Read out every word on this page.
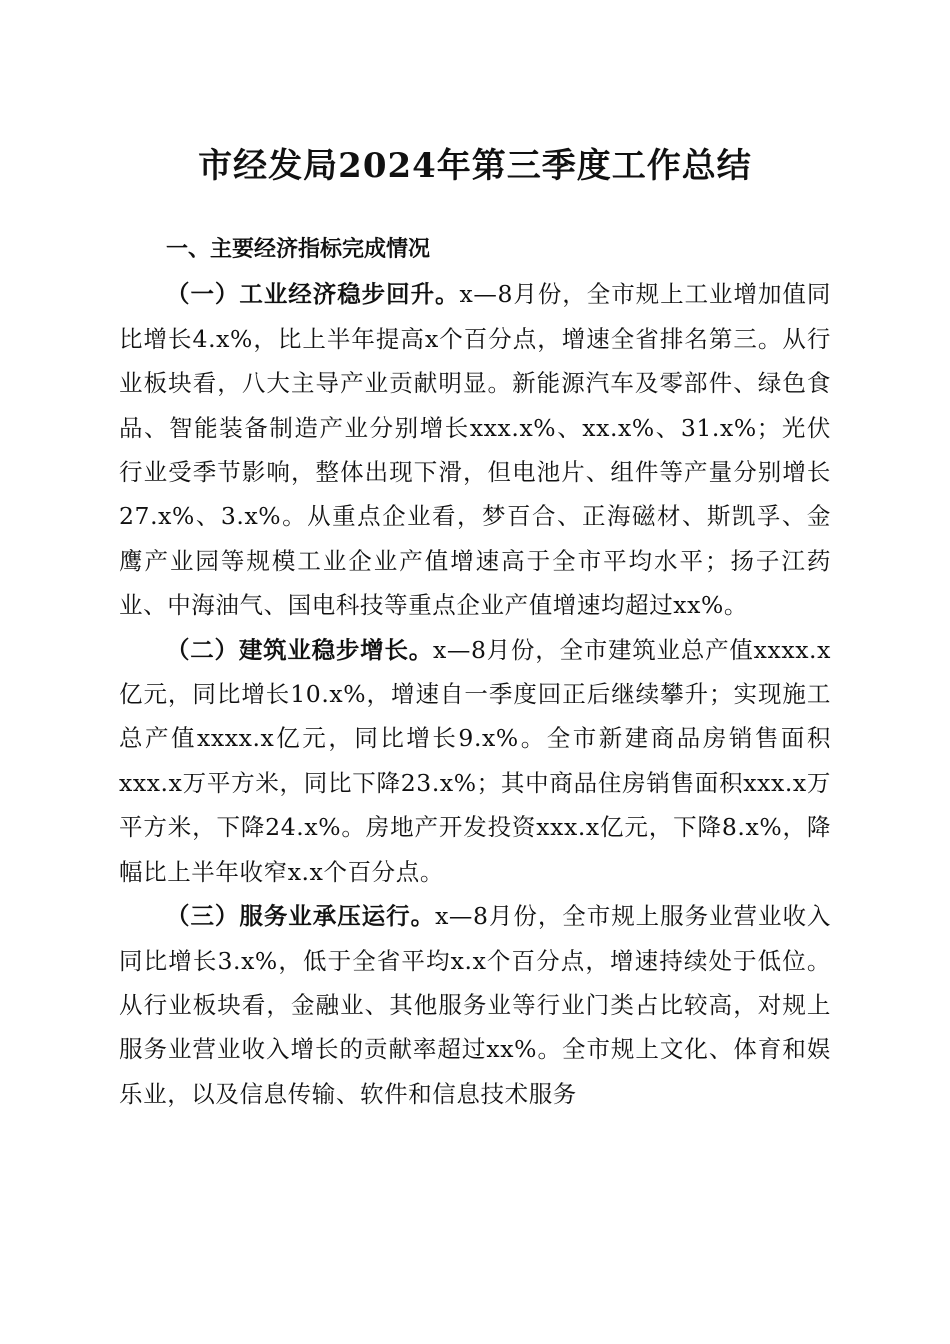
市经发局2024年第三季度工作总结

一、主要经济指标完成情况

（一）工业经济稳步回升。x—8月份，全市规上工业增加值同比增长4.x%，比上半年提高x个百分点，增速全省排名第三。从行业板块看，八大主导产业贡献明显。新能源汽车及零部件、绿色食品、智能装备制造产业分别增长xxx.x%、xx.x%、31.x%；光伏行业受季节影响，整体出现下滑，但电池片、组件等产量分别增长27.x%、3.x%。从重点企业看，梦百合、正海磁材、斯凯孚、金鹰产业园等规模工业企业产值增速高于全市平均水平；扬子江药业、中海油气、国电科技等重点企业产值增速均超过xx%。

（二）建筑业稳步增长。x—8月份，全市建筑业总产值xxxx.x亿元，同比增长10.x%，增速自一季度回正后继续攀升；实现施工总产值xxxx.x亿元，同比增长9.x%。全市新建商品房销售面积xxx.x万平方米，同比下降23.x%；其中商品住房销售面积xxx.x万平方米，下降24.x%。房地产开发投资xxx.x亿元，下降8.x%，降幅比上半年收窄x.x个百分点。

（三）服务业承压运行。x—8月份，全市规上服务业营业收入同比增长3.x%，低于全省平均x.x个百分点，增速持续处于低位。从行业板块看，金融业、其他服务业等行业门类占比较高，对规上服务业营业收入增长的贡献率超过xx%。全市规上文化、体育和娱乐业，以及信息传输、软件和信息技术服务
